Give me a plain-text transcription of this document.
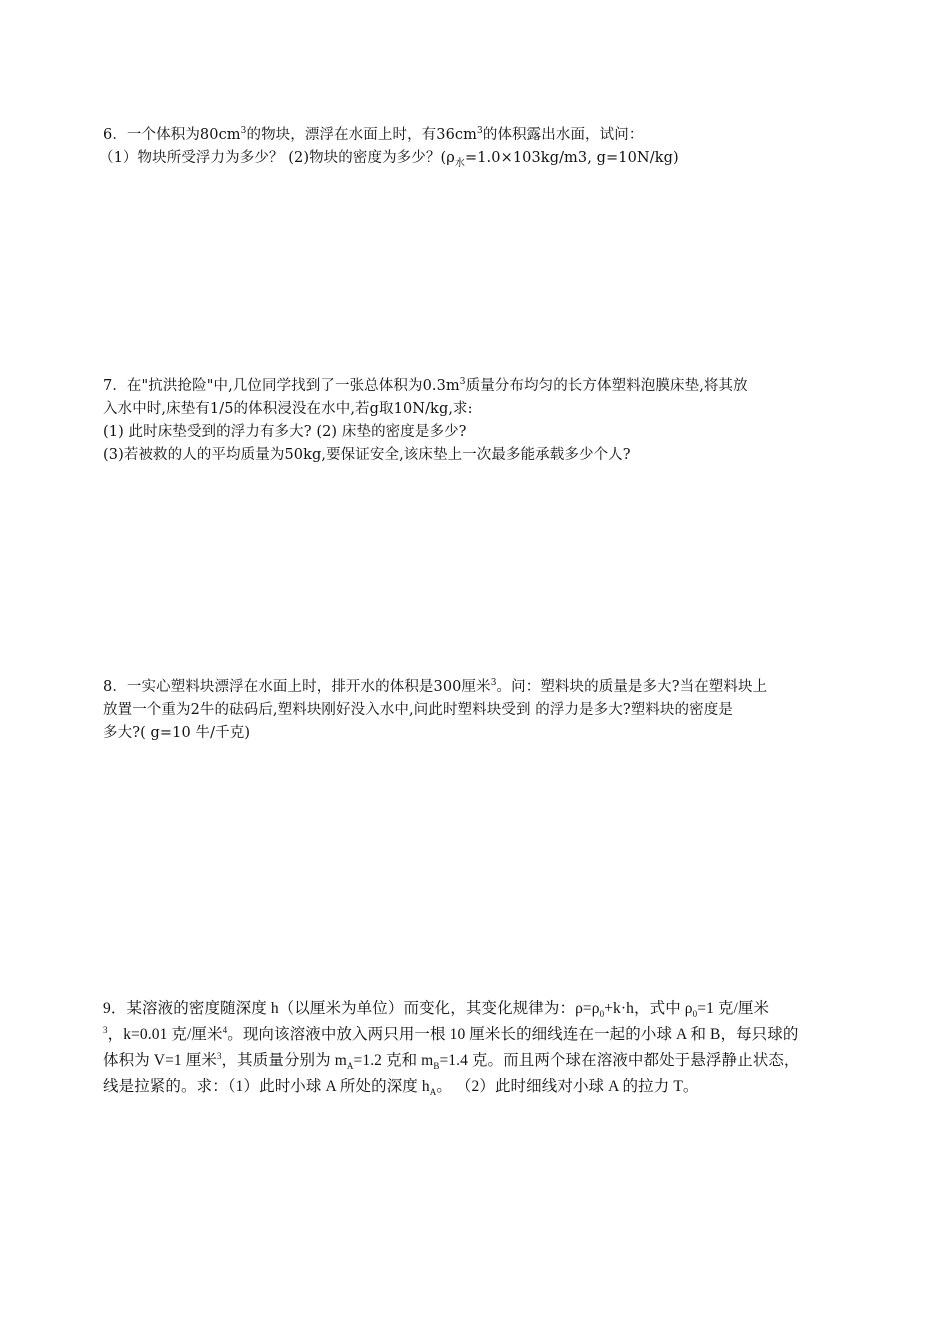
6．一个体积为$80cm^3$的物块，漂浮在水面上时，有$36cm^3$的体积露出水面，试问：
（1）物块所受浮力为多少？ (2)物块的密度为多少？($\rho_水=1.0\times 103kg/m3$, g=10N/kg)
7．在"抗洪抢险"中,几位同学找到了一张总体积为$0.3m^3$质量分布均匀的长方体塑料泡膜床垫,将其放
入水中时,床垫有1/5的体积浸没在水中,若g取10N/kg,求:
(1) 此时床垫受到的浮力有多大? (2) 床垫的密度是多少?
(3)若被救的人的平均质量为50kg,要保证安全,该床垫上一次最多能承载多少个人?
8．一实心塑料块漂浮在水面上时，排开水的体积是300厘米$^3$。问：塑料块的质量是多大?当在塑料块上
放置一个重为2牛的砝码后,塑料块刚好没入水中,问此时塑料块受到 的浮力是多大?塑料块的密度是
多大?( g=10 牛/千克)
9．某溶液的密度随深度 h（以厘米为单位）而变化，其变化规律为：$\rho=\rho_0+k\cdot h$，式中 $\rho_0=1$ 克/厘米
$^3$，k=0.01 克/厘米$^4$。现向该溶液中放入两只用一根 10 厘米长的细线连在一起的小球 A 和 B，每只球的
体积为 V=1 厘米$^3$，其质量分别为 $m_A=1.2$ 克和 $m_B=1.4$ 克。而且两个球在溶液中都处于悬浮静止状态，
线是拉紧的。求：（1）此时小球 A 所处的深度 $h_A$。 （2）此时细线对小球 A 的拉力 T。
